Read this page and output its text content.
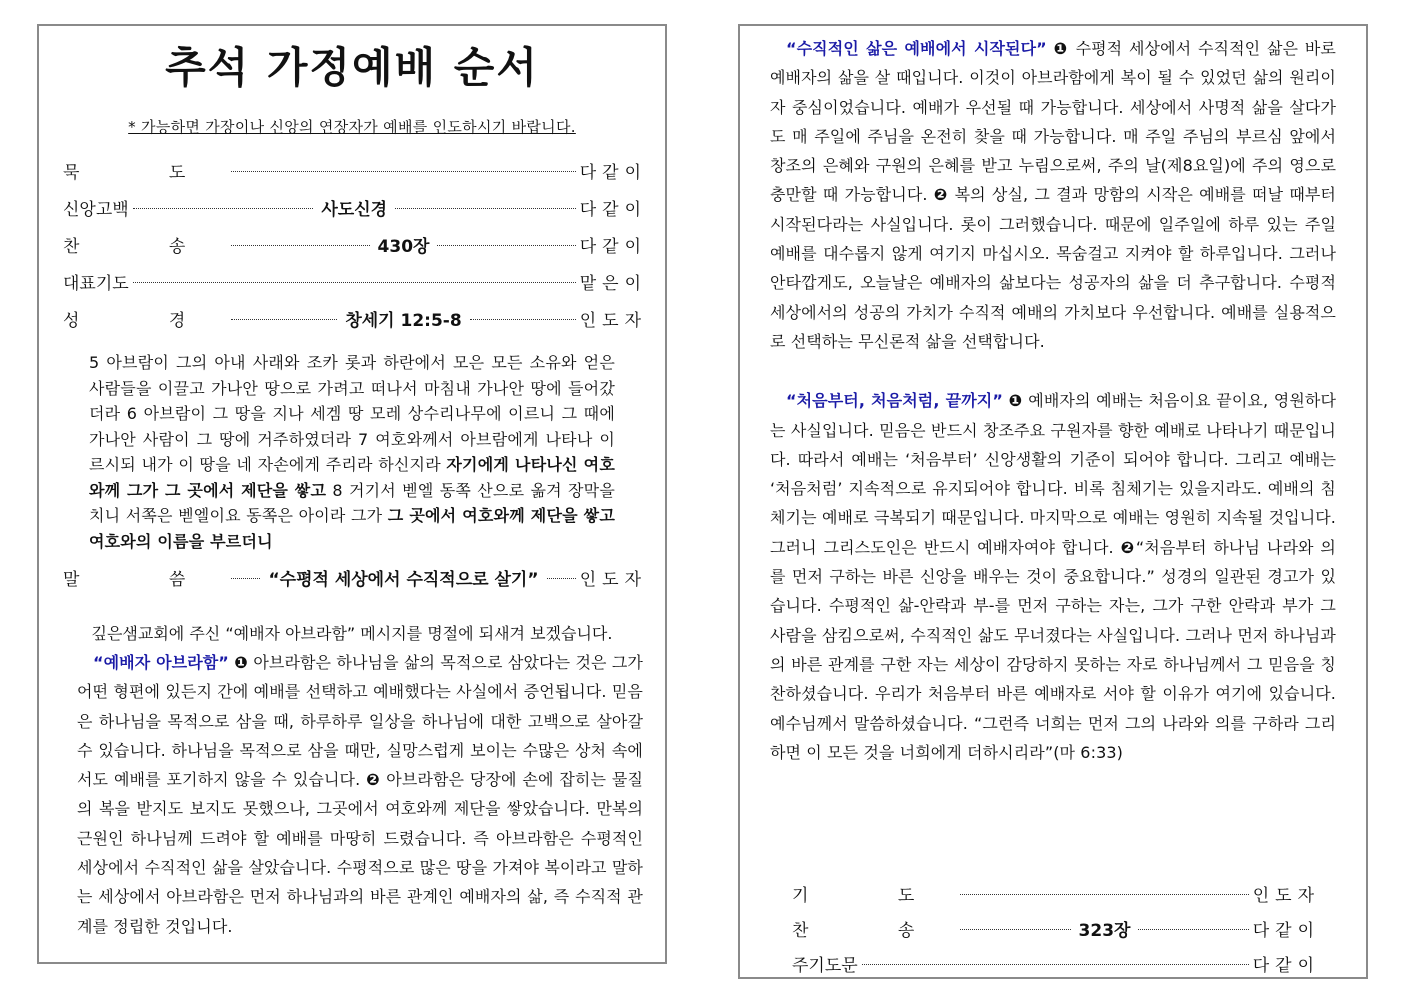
추석 가정예배 순서
* 가능하면 가장이나 신앙의 연장자가 예배를 인도하시기 바랍니다.
묵 도	다같이
신앙고백	사도신경	다같이
찬 송	430장	다같이
대표기도	맡은이
성 경	창세기 12:5-8	인도자
5 아브람이 그의 아내 사래와 조카 롯과 하란에서 모은 모든 소유와 얻은 사람들을 이끌고 가나안 땅으로 가려고 떠나서 마침내 가나안 땅에 들어갔더라 6 아브람이 그 땅을 지나 세겜 땅 모레 상수리나무에 이르니 그 때에 가나안 사람이 그 땅에 거주하였더라 7 여호와께서 아브람에게 나타나 이르시되 내가 이 땅을 네 자손에게 주리라 하신지라 자기에게 나타나신 여호와께 그가 그 곳에서 제단을 쌓고 8 거기서 벧엘 동쪽 산으로 옮겨 장막을 치니 서쪽은 벧엘이요 동쪽은 아이라 그가 그 곳에서 여호와께 제단을 쌓고 여호와의 이름을 부르더니
말 씀 “수평적 세상에서 수직적으로 살기” 인도자
깊은샘교회에 주신 “예배자 아브라함” 메시지를 명절에 되새겨 보겠습니다.

“예배자 아브라함” ❶ 아브라함은 하나님을 삶의 목적으로 삼았다는 것은 그가 어떤 형편에 있든지 간에 예배를 선택하고 예배했다는 사실에서 증언됩니다. 믿음은 하나님을 목적으로 삼을 때, 하루하루 일상을 하나님에 대한 고백으로 살아갈 수 있습니다. 하나님을 목적으로 삼을 때만, 실망스럽게 보이는 수많은 상처 속에서도 예배를 포기하지 않을 수 있습니다. ❷ 아브라함은 당장에 손에 잡히는 물질의 복을 받지도 보지도 못했으나, 그곳에서 여호와께 제단을 쌓았습니다. 만복의 근원인 하나님께 드려야 할 예배를 마땅히 드렸습니다. 즉 아브라함은 수평적인 세상에서 수직적인 삶을 살았습니다. 수평적으로 많은 땅을 가져야 복이라고 말하는 세상에서 아브라함은 먼저 하나님과의 바른 관계인 예배자의 삶, 즉 수직적 관계를 정립한 것입니다.

“수직적인 삶은 예배에서 시작된다” ❶ 수평적 세상에서 수직적인 삶은 바로 예배자의 삶을 살 때입니다. 이것이 아브라함에게 복이 될 수 있었던 삶의 원리이자 중심이었습니다. 예배가 우선될 때 가능합니다. 세상에서 사명적 삶을 살다가도 매 주일에 주님을 온전히 찾을 때 가능합니다. 매 주일 주님의 부르심 앞에서 창조의 은혜와 구원의 은혜를 받고 누림으로써, 주의 날(제8요일)에 주의 영으로 충만할 때 가능합니다. ❷ 복의 상실, 그 결과 망함의 시작은 예배를 떠날 때부터 시작된다라는 사실입니다. 롯이 그러했습니다. 때문에 일주일에 하루 있는 주일 예배를 대수롭지 않게 여기지 마십시오. 목숨걸고 지켜야 할 하루입니다. 그러나 안타깝게도, 오늘날은 예배자의 삶보다는 성공자의 삶을 더 추구합니다. 수평적 세상에서의 성공의 가치가 수직적 예배의 가치보다 우선합니다. 예배를 실용적으로 선택하는 무신론적 삶을 선택합니다.

“처음부터, 처음처럼, 끝까지” ❶ 예배자의 예배는 처음이요 끝이요, 영원하다는 사실입니다. 믿음은 반드시 창조주요 구원자를 향한 예배로 나타나기 때문입니다. 따라서 예배는 ‘처음부터’ 신앙생활의 기준이 되어야 합니다. 그리고 예배는 ‘처음처럼’ 지속적으로 유지되어야 합니다. 비록 침체기는 있을지라도. 예배의 침체기는 예배로 극복되기 때문입니다. 마지막으로 예배는 영원히 지속될 것입니다. 그러니 그리스도인은 반드시 예배자여야 합니다. ❷“처음부터 하나님 나라와 의를 먼저 구하는 바른 신앙을 배우는 것이 중요합니다.” 성경의 일관된 경고가 있습니다. 수평적인 삶-안락과 부-를 먼저 구하는 자는, 그가 구한 안락과 부가 그 사람을 삼킴으로써, 수직적인 삶도 무너졌다는 사실입니다. 그러나 먼저 하나님과의 바른 관계를 구한 자는 세상이 감당하지 못하는 자로 하나님께서 그 믿음을 칭찬하셨습니다. 우리가 처음부터 바른 예배자로 서야 할 이유가 여기에 있습니다. 예수님께서 말씀하셨습니다. “그런즉 너희는 먼저 그의 나라와 의를 구하라 그리하면 이 모든 것을 너희에게 더하시리라”(마 6:33)

기 도	인도자
찬 송	323장	다같이
주기도문	다같이
